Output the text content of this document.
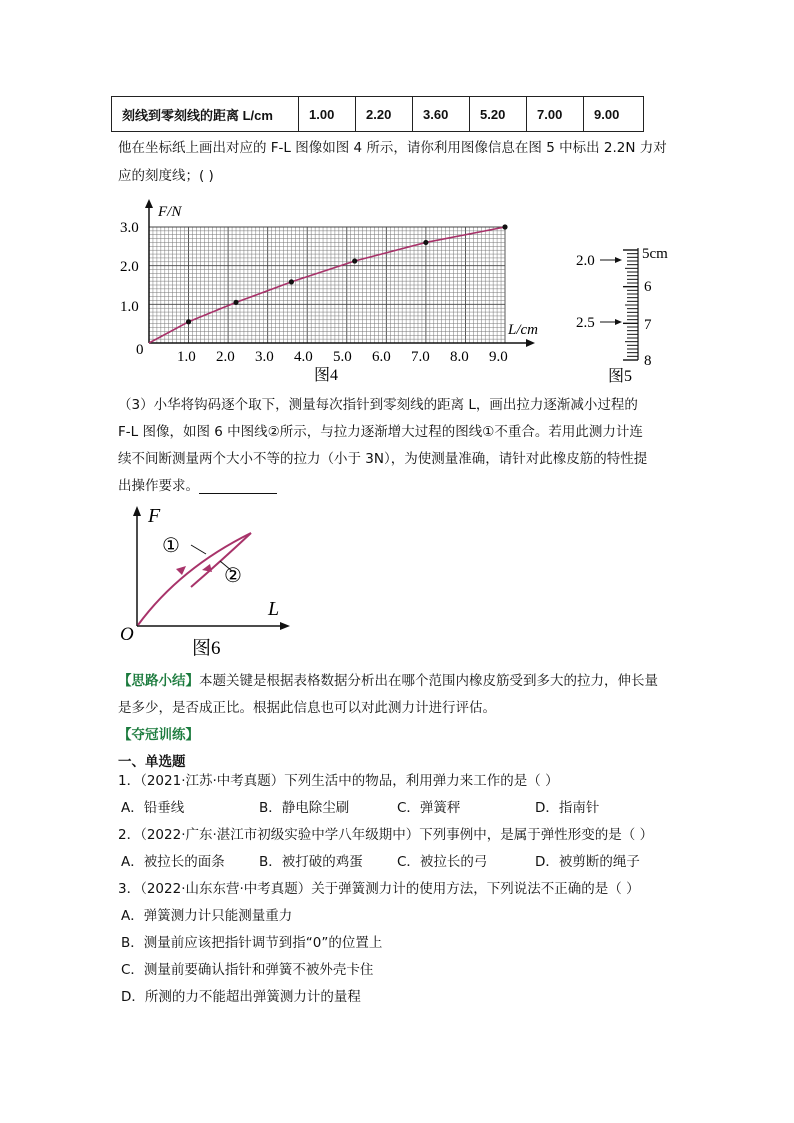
刻线到零刻线的距离 L/cm	1.00	2.20	3.60	5.20	7.00	9.00
他在坐标纸上画出对应的 F-L 图像如图 4 所示，请你利用图像信息在图 5 中标出 2.2N 力对
应的刻度线；( )
F/N
L/cm
0
1.0
2.0
3.0
1.0 2.0 3.0 4.0 5.0 6.0 7.0 8.0 9.0
图4
2.0
2.5
5cm
6
7
8
图5
（3）小华将钩码逐个取下，测量每次指针到零刻线的距离 L，画出拉力逐渐减小过程的
F-L 图像，如图 6 中图线②所示，与拉力逐渐增大过程的图线①不重合。若用此测力计连
续不间断测量两个大小不等的拉力（小于 3N），为使测量准确，请针对此橡皮筋的特性提
出操作要求。
F
L
O
①
②
图6
【思路小结】本题关键是根据表格数据分析出在哪个范围内橡皮筋受到多大的拉力，伸长量
是多少，是否成正比。根据此信息也可以对此测力计进行评估。
【夺冠训练】
一、单选题
1．（2021·江苏·中考真题）下列生活中的物品，利用弹力来工作的是（ ）
A．铅垂线	B．静电除尘刷	C．弹簧秤	D．指南针
2．（2022·广东·湛江市初级实验中学八年级期中）下列事例中，是属于弹性形变的是（ ）
A．被拉长的面条	B．被打破的鸡蛋	C．被拉长的弓	D．被剪断的绳子
3．（2022·山东东营·中考真题）关于弹簧测力计的使用方法，下列说法不正确的是（ ）
A．弹簧测力计只能测量重力
B．测量前应该把指针调节到指“0”的位置上
C．测量前要确认指针和弹簧不被外壳卡住
D．所测的力不能超出弹簧测力计的量程
